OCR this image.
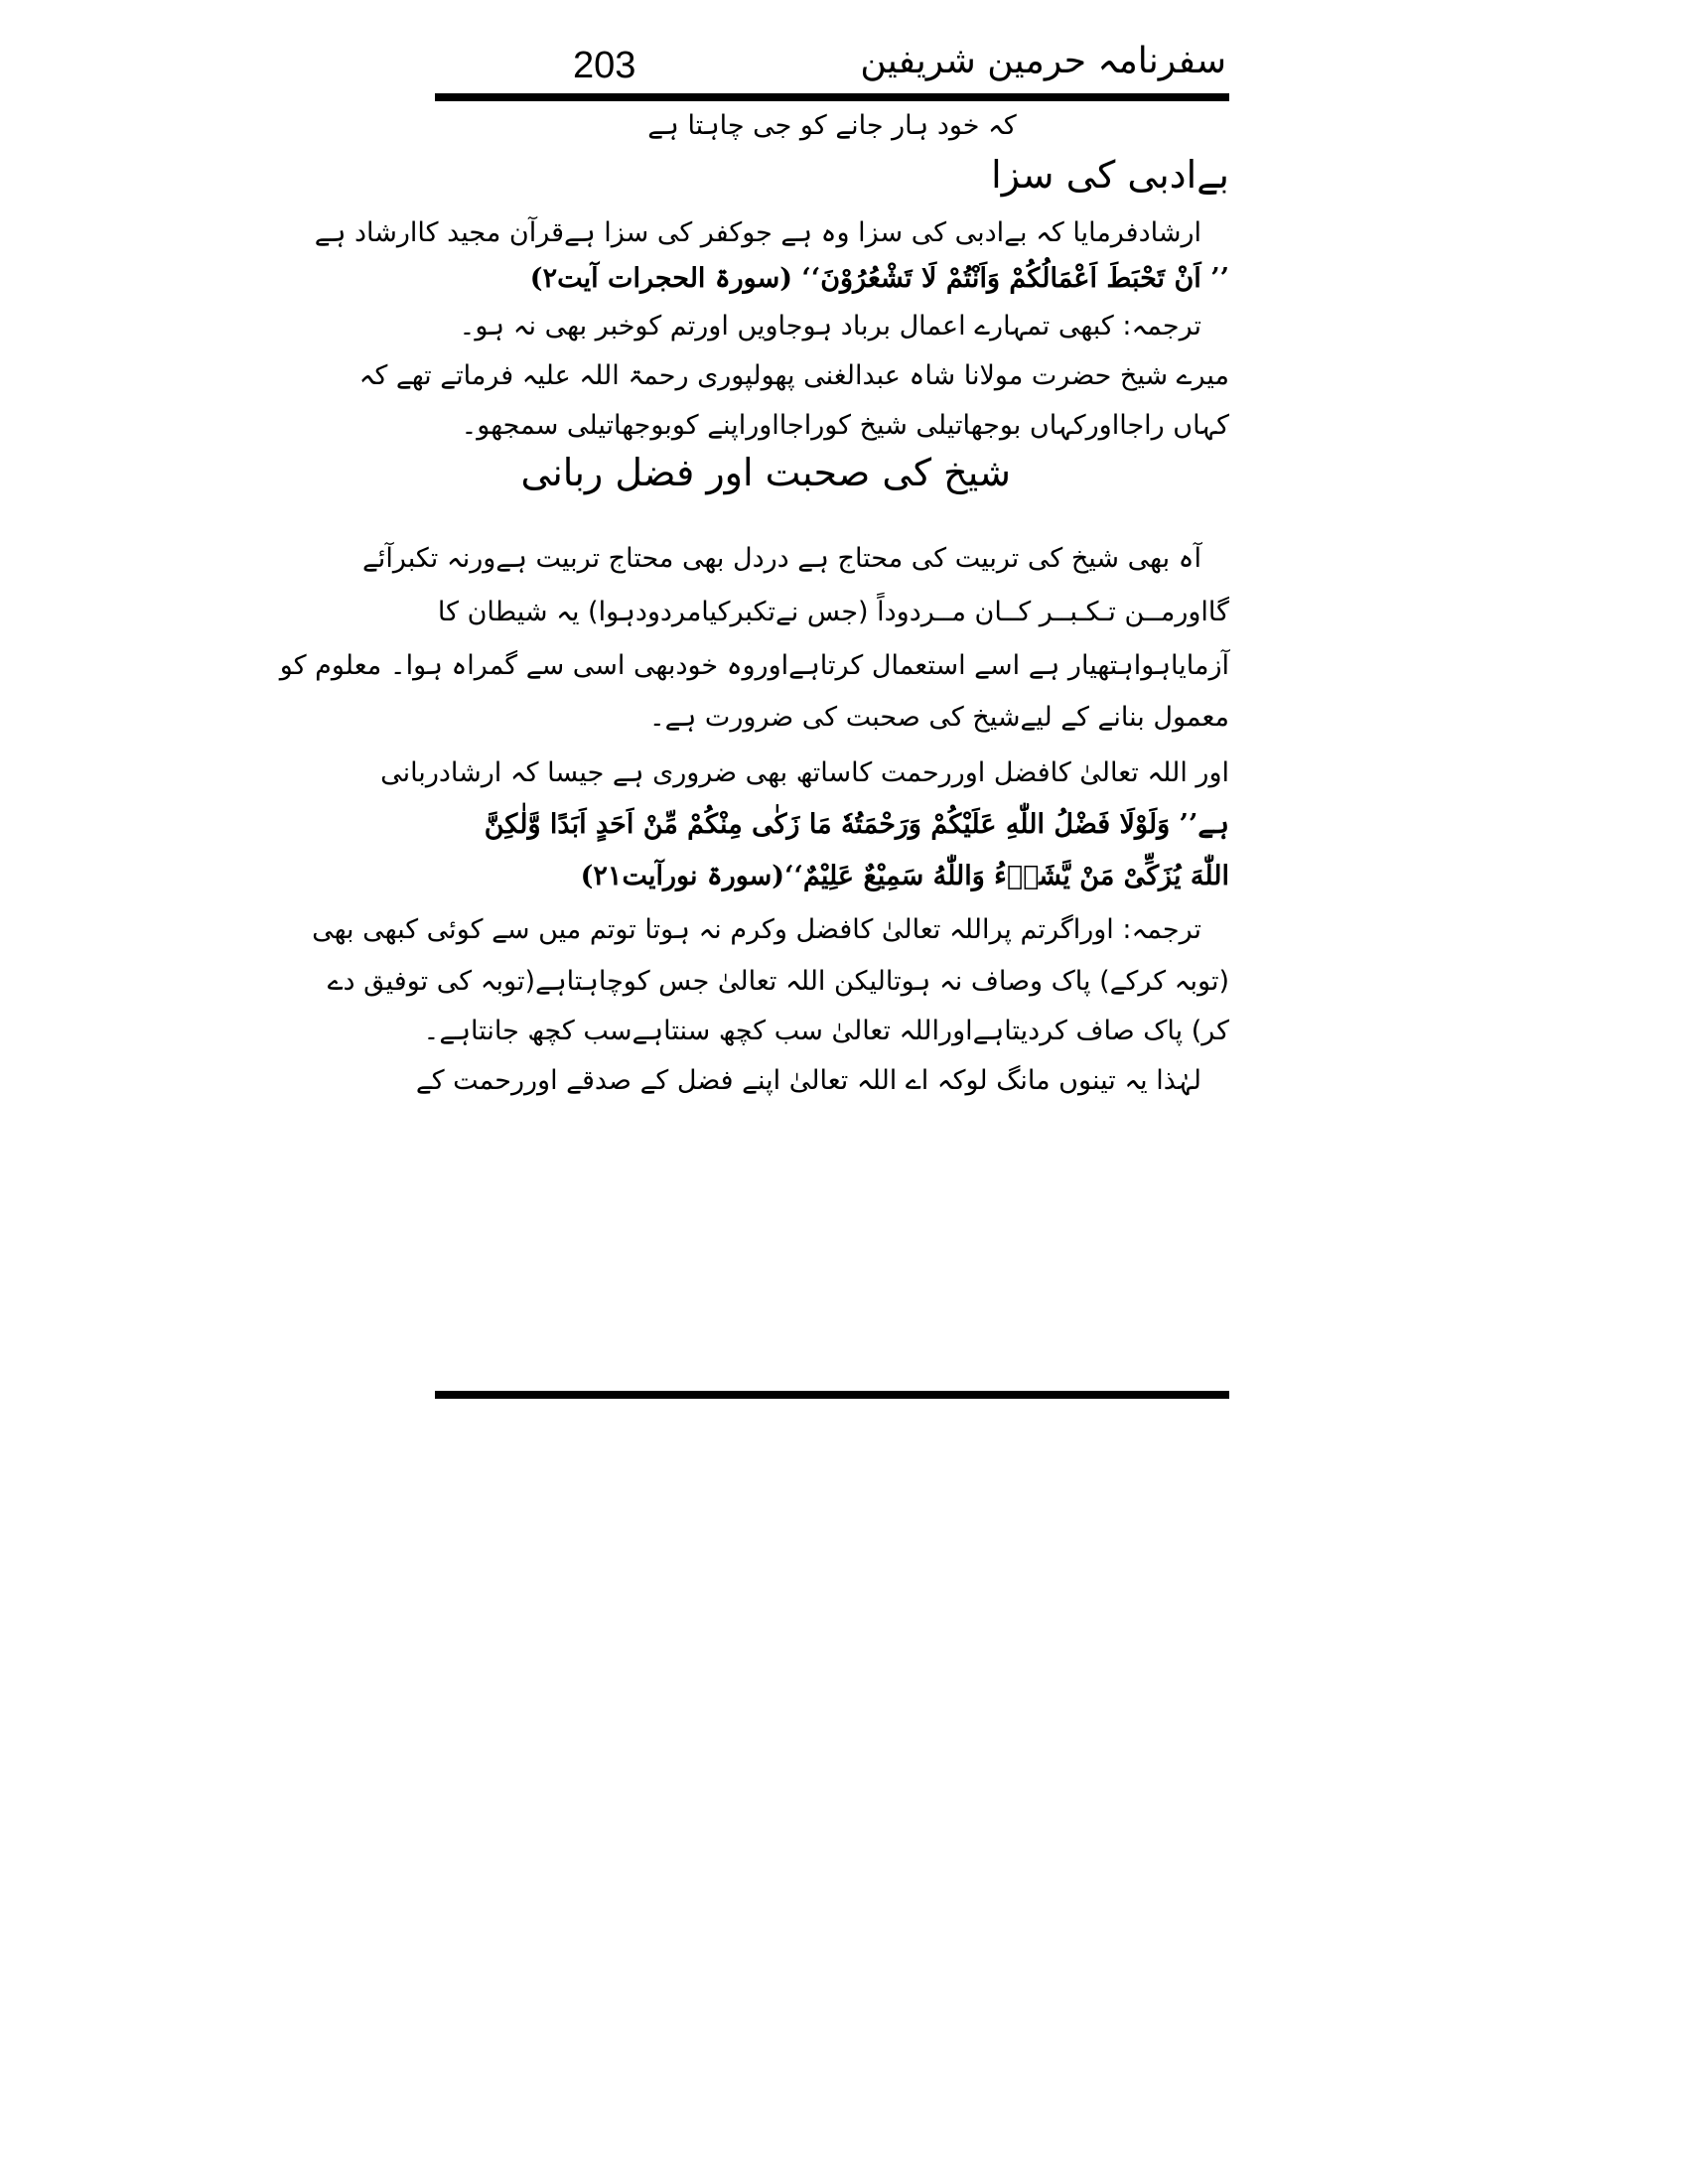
203	سفرنامہ حرمین شریفین
کہ خود ہار جانے کو جی چاہتا ہے
بےادبی کی سزا
ارشادفرمایا کہ بےادبی کی سزا وہ ہے جوکفر کی سزا ہےقرآن مجید کاارشاد ہے
’’ اَنْ تَحْبَطَ اَعْمَالُكُمْ وَاَنْتُمْ لَا تَشْعُرُوْنَ‘‘ (سورۃ الحجرات آیت۲)
ترجمہ: کبھی تمہارے اعمال برباد ہوجاویں اورتم کوخبر بھی نہ ہو۔
میرے شیخ حضرت مولانا شاہ عبدالغنی پھولپوری رحمۃ اللہ علیہ فرماتے تھے کہ
کہاں راجااورکہاں بوجھاتیلی شیخ کوراجااوراپنے کوبوجھاتیلی سمجھو۔
شیخ کی صحبت اور فضل ربانی
آہ بھی شیخ کی تربیت کی محتاج ہے دردل بھی محتاج تربیت ہےورنہ تکبرآئے
گااورمــن تـکـبــر کــان مــردوداً (جس نےتکبرکیامردودہوا) یہ شیطان کا
آزمایاہواہتھیار ہے اسے استعمال کرتاہےاوروہ خودبھی اسی سے گمراہ ہوا۔ معلوم کو
معمول بنانے کے لیےشیخ کی صحبت کی ضرورت ہے۔
اور اللہ تعالیٰ کافضل اوررحمت کاساتھ بھی ضروری ہے جیسا کہ ارشادربانی
ہے’’ وَلَوْلَا فَضْلُ اللّٰهِ عَلَيْكُمْ وَرَحْمَتُهٗ مَا زَكٰى مِنْكُمْ مِّنْ اَحَدٍ اَبَدًا وَّلٰكِنَّ
اللّٰهَ يُزَكِّىْ مَنْ يَّشَاۗءُ وَاللّٰهُ سَمِيْعٌ عَلِيْمٌ‘‘(سورۃ نورآیت۲۱)
ترجمہ: اوراگرتم پراللہ تعالیٰ کافضل وکرم نہ ہوتا توتم میں سے کوئی کبھی بھی
(توبہ کرکے) پاک وصاف نہ ہوتالیکن اللہ تعالیٰ جس کوچاہتاہے(توبہ کی توفیق دے
کر) پاک صاف کردیتاہےاوراللہ تعالیٰ سب کچھ سنتاہےسب کچھ جانتاہے۔
لہٰذا یہ تینوں مانگ لوکہ اے اللہ تعالیٰ اپنے فضل کے صدقے اوررحمت کے
